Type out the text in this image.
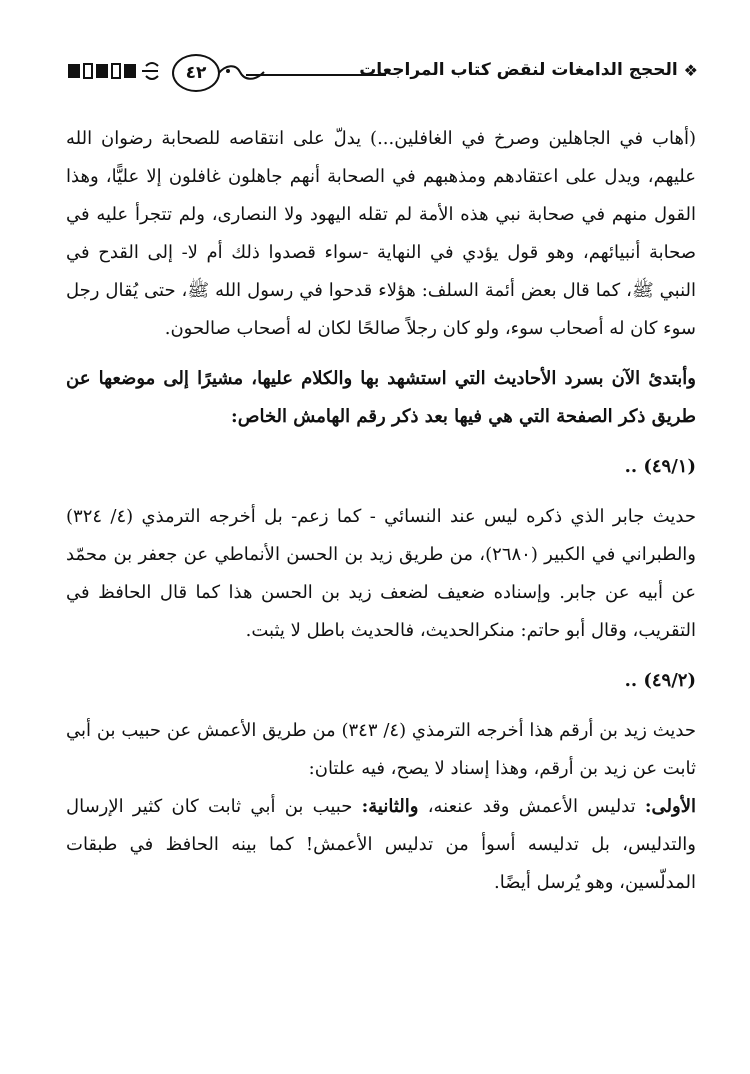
❖
الحجج الدامغات لنقض كتاب المراجعات
٤٢

(أهاب في الجاهلين وصرخ في الغافلين...) يدلّ على انتقاصه للصحابة رضوان الله عليهم، ويدل على اعتقادهم ومذهبهم في الصحابة أنهم جاهلون غافلون إلا عليًّا، وهذا القول منهم في صحابة نبي هذه الأمة لم تقله اليهود ولا النصارى، ولم تتجرأ عليه في صحابة أنبيائهم، وهو قول يؤدي في النهاية -سواء قصدوا ذلك أم لا- إلى القدح في النبي ﷺ، كما قال بعض أئمة السلف: هؤلاء قدحوا في رسول الله ﷺ، حتى يُقال رجل سوء كان له أصحاب سوء، ولو كان رجلاً صالحًا لكان له أصحاب صالحون.

وأبتدئ الآن بسرد الأحاديث التي استشهد بها والكلام عليها، مشيرًا إلى موضعها عن طريق ذكر الصفحة التي هي فيها بعد ذكر رقم الهامش الخاص:

(٤٩/١) ..

حديث جابر الذي ذكره ليس عند النسائي - كما زعم- بل أخرجه الترمذي (٤/ ٣٢٤) والطبراني في الكبير (٢٦٨٠)، من طريق زيد بن الحسن الأنماطي عن جعفر بن محمّد عن أبيه عن جابر. وإسناده ضعيف لضعف زيد بن الحسن هذا كما قال الحافظ في التقريب، وقال أبو حاتم: منكرالحديث، فالحديث باطل لا يثبت.

(٤٩/٢) ..

حديث زيد بن أرقم هذا أخرجه الترمذي (٤/ ٣٤٣) من طريق الأعمش عن حبيب بن أبي ثابت عن زيد بن أرقم، وهذا إسناد لا يصح، فيه علتان:

الأولى: تدليس الأعمش وقد عنعنه، والثانية: حبيب بن أبي ثابت كان كثير الإرسال والتدليس، بل تدليسه أسوأ من تدليس الأعمش! كما بينه الحافظ في طبقات المدلّسين، وهو يُرسل أيضًا.
